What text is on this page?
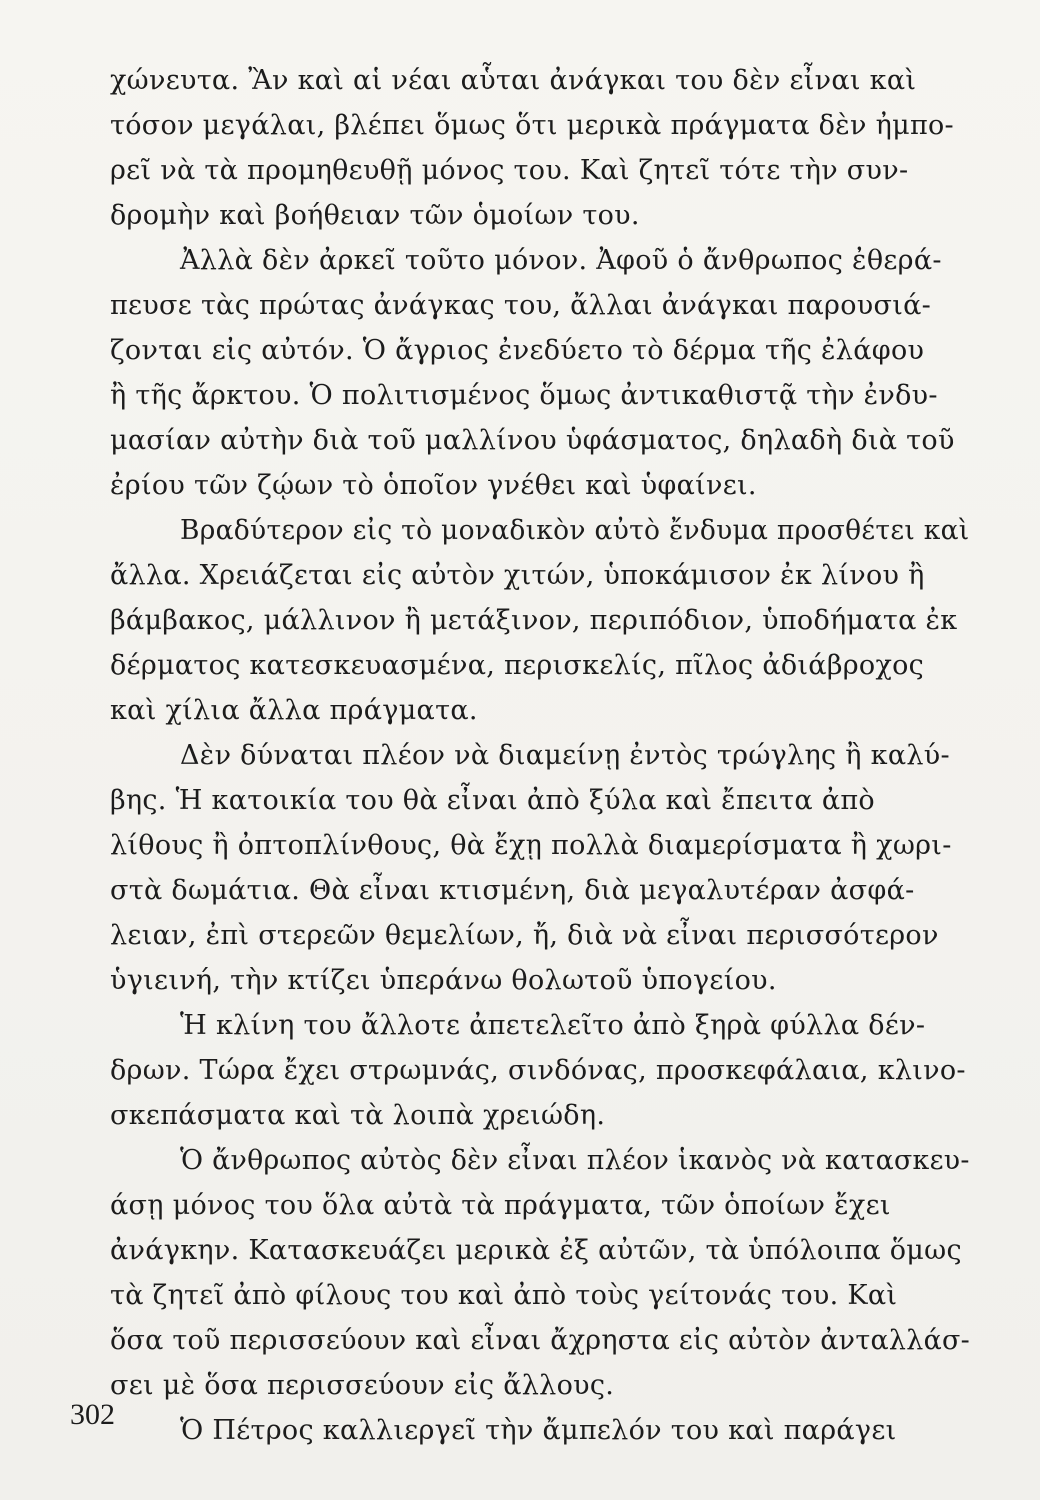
χώνευτα. Ἂν καὶ αἱ νέαι αὗται ἀνάγκαι του δὲν εἶναι καὶ
τόσον μεγάλαι, βλέπει ὅμως ὅτι μερικὰ πράγματα δὲν ἠμπο-
ρεῖ νὰ τὰ προμηθευθῇ μόνος του. Καὶ ζητεῖ τότε τὴν συν-
δρομὴν καὶ βοήθειαν τῶν ὁμοίων του.
Ἀλλὰ δὲν ἀρκεῖ τοῦτο μόνον. Ἀφοῦ ὁ ἄνθρωπος ἐθερά-
πευσε τὰς πρώτας ἀνάγκας του, ἄλλαι ἀνάγκαι παρουσιά-
ζονται εἰς αὐτόν. Ὁ ἄγριος ἐνεδύετο τὸ δέρμα τῆς ἐλάφου
ἢ τῆς ἄρκτου. Ὁ πολιτισμένος ὅμως ἀντικαθιστᾷ τὴν ἐνδυ-
μασίαν αὐτὴν διὰ τοῦ μαλλίνου ὑφάσματος, δηλαδὴ διὰ τοῦ
ἐρίου τῶν ζῴων τὸ ὁποῖον γνέθει καὶ ὑφαίνει.
Βραδύτερον εἰς τὸ μοναδικὸν αὐτὸ ἔνδυμα προσθέτει καὶ
ἄλλα. Χρειάζεται εἰς αὐτὸν χιτών, ὑποκάμισον ἐκ λίνου ἢ
βάμβακος, μάλλινον ἢ μετάξινον, περιπόδιον, ὑποδήματα ἐκ
δέρματος κατεσκευασμένα, περισκελίς, πῖλος ἀδιάβροχος
καὶ χίλια ἄλλα πράγματα.
Δὲν δύναται πλέον νὰ διαμείνῃ ἐντὸς τρώγλης ἢ καλύ-
βης. Ἡ κατοικία του θὰ εἶναι ἀπὸ ξύλα καὶ ἔπειτα ἀπὸ
λίθους ἢ ὀπτοπλίνθους, θὰ ἔχῃ πολλὰ διαμερίσματα ἢ χωρι-
στὰ δωμάτια. Θὰ εἶναι κτισμένη, διὰ μεγαλυτέραν ἀσφά-
λειαν, ἐπὶ στερεῶν θεμελίων, ἤ, διὰ νὰ εἶναι περισσότερον
ὑγιεινή, τὴν κτίζει ὑπεράνω θολωτοῦ ὑπογείου.
Ἡ κλίνη του ἄλλοτε ἀπετελεῖτο ἀπὸ ξηρὰ φύλλα δέν-
δρων. Τώρα ἔχει στρωμνάς, σινδόνας, προσκεφάλαια, κλινο-
σκεπάσματα καὶ τὰ λοιπὰ χρειώδη.
Ὁ ἄνθρωπος αὐτὸς δὲν εἶναι πλέον ἱκανὸς νὰ κατασκευ-
άσῃ μόνος του ὅλα αὐτὰ τὰ πράγματα, τῶν ὁποίων ἔχει
ἀνάγκην. Κατασκευάζει μερικὰ ἐξ αὐτῶν, τὰ ὑπόλοιπα ὅμως
τὰ ζητεῖ ἀπὸ φίλους του καὶ ἀπὸ τοὺς γείτονάς του. Καὶ
ὅσα τοῦ περισσεύουν καὶ εἶναι ἄχρηστα εἰς αὐτὸν ἀνταλλάσ-
σει μὲ ὅσα περισσεύουν εἰς ἄλλους.
Ὁ Πέτρος καλλιεργεῖ τὴν ἄμπελόν του καὶ παράγει
302
